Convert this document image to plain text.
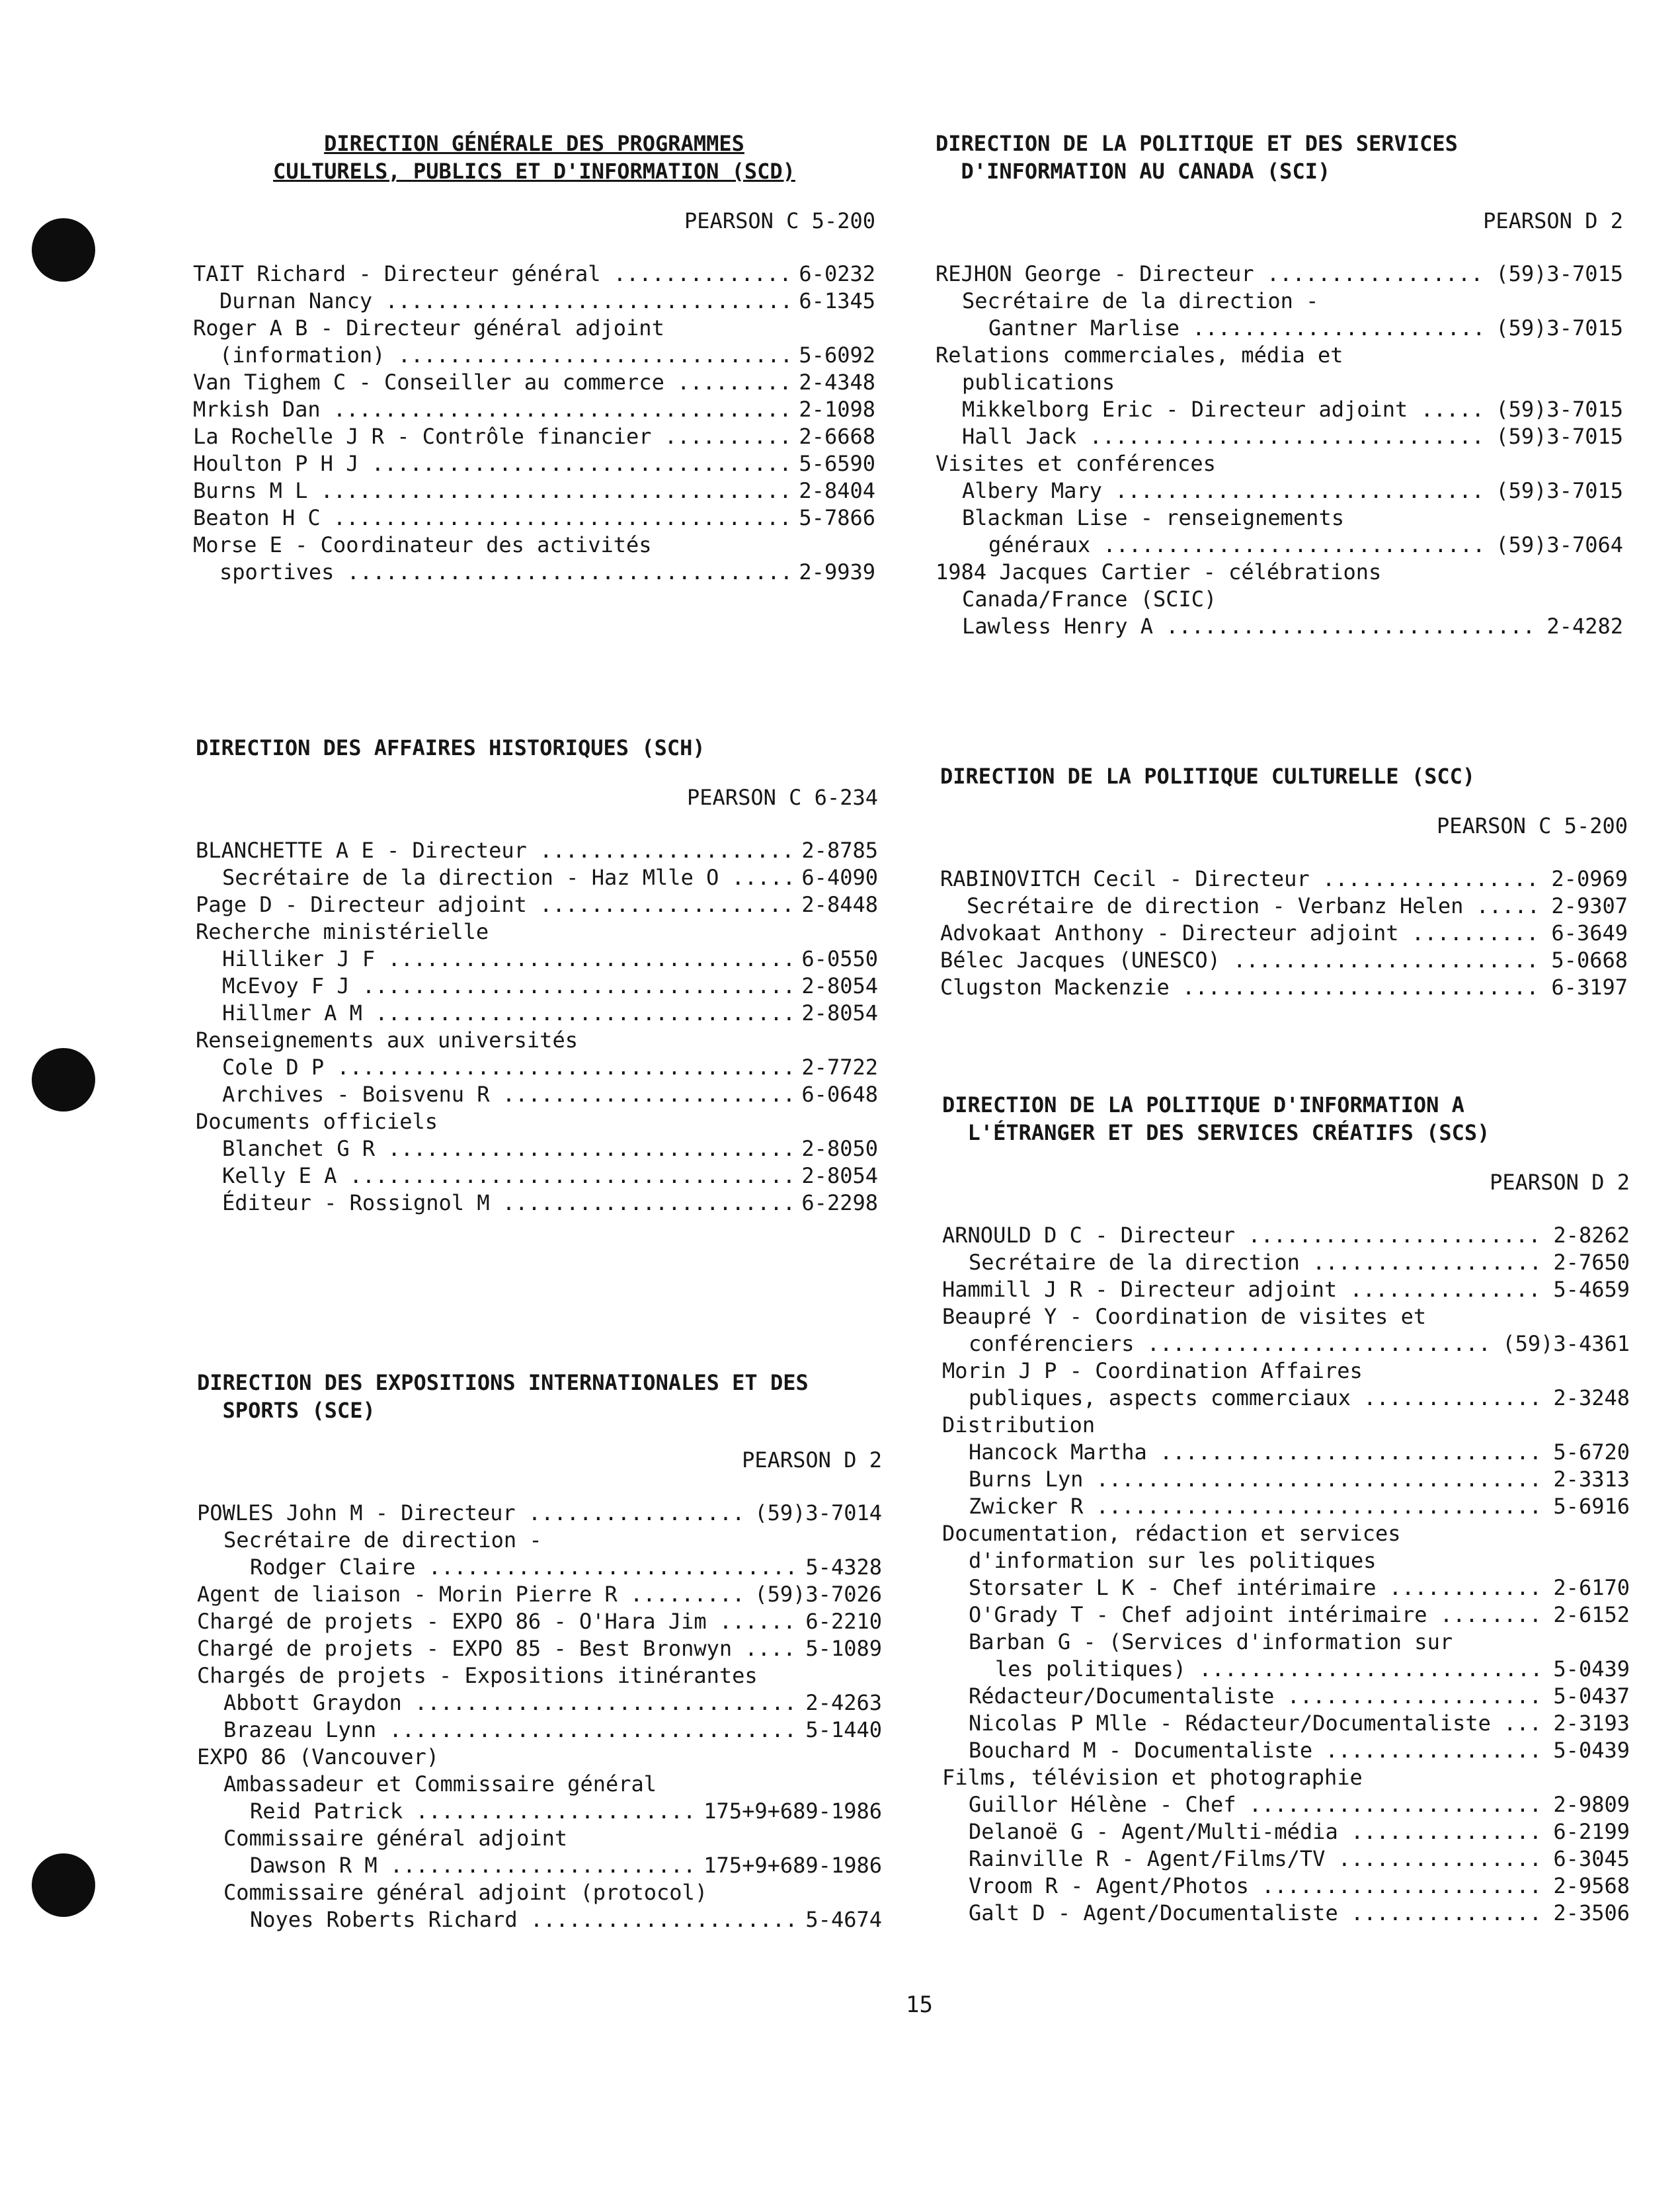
DIRECTION GÉNÉRALE DES PROGRAMMES
CULTURELS, PUBLICS ET D'INFORMATION (SCD)
PEARSON C 5-200
TAIT Richard - Directeur général .....	6-0232
Durnan Nancy .....	6-1345
Roger A B - Directeur général adjoint
(information) .....	5-6092
Van Tighem C - Conseiller au commerce .....	2-4348
Mrkish Dan .....	2-1098
La Rochelle J R - Contrôle financier .....	2-6668
Houlton P H J .....	5-6590
Burns M L .....	2-8404
Beaton H C .....	5-7866
Morse E - Coordinateur des activités
sportives .....	2-9939
DIRECTION DES AFFAIRES HISTORIQUES (SCH)
PEARSON C 6-234
BLANCHETTE A E - Directeur .....	2-8785
Secrétaire de la direction - Haz Mlle O .....	6-4090
Page D - Directeur adjoint .....	2-8448
Recherche ministérielle
Hilliker J F .....	6-0550
McEvoy F J .....	2-8054
Hillmer A M .....	2-8054
Renseignements aux universités
Cole D P .....	2-7722
Archives - Boisvenu R .....	6-0648
Documents officiels
Blanchet G R .....	2-8050
Kelly E A .....	2-8054
Éditeur - Rossignol M .....	6-2298
DIRECTION DES EXPOSITIONS INTERNATIONALES ET DES
SPORTS (SCE)
PEARSON D 2
POWLES John M - Directeur .....	(59)3-7014
Secrétaire de direction -
Rodger Claire .....	5-4328
Agent de liaison - Morin Pierre R .....	(59)3-7026
Chargé de projets - EXPO 86 - O'Hara Jim .....	6-2210
Chargé de projets - EXPO 85 - Best Bronwyn .....	5-1089
Chargés de projets - Expositions itinérantes
Abbott Graydon .....	2-4263
Brazeau Lynn .....	5-1440
EXPO 86 (Vancouver)
Ambassadeur et Commissaire général
Reid Patrick .....	175+9+689-1986
Commissaire général adjoint
Dawson R M .....	175+9+689-1986
Commissaire général adjoint (protocol)
Noyes Roberts Richard .....	5-4674
DIRECTION DE LA POLITIQUE ET DES SERVICES
D'INFORMATION AU CANADA (SCI)
PEARSON D 2
REJHON George - Directeur .....	(59)3-7015
Secrétaire de la direction -
Gantner Marlise .....	(59)3-7015
Relations commerciales, média et
publications
Mikkelborg Eric - Directeur adjoint .....	(59)3-7015
Hall Jack .....	(59)3-7015
Visites et conférences
Albery Mary .....	(59)3-7015
Blackman Lise - renseignements
généraux .....	(59)3-7064
1984 Jacques Cartier - célébrations
Canada/France (SCIC)
Lawless Henry A .....	2-4282
DIRECTION DE LA POLITIQUE CULTURELLE (SCC)
PEARSON C 5-200
RABINOVITCH Cecil - Directeur .....	2-0969
Secrétaire de direction - Verbanz Helen .....	2-9307
Advokaat Anthony - Directeur adjoint .....	6-3649
Bélec Jacques (UNESCO) .....	5-0668
Clugston Mackenzie .....	6-3197
DIRECTION DE LA POLITIQUE D'INFORMATION A
L'ÉTRANGER ET DES SERVICES CRÉATIFS (SCS)
PEARSON D 2
ARNOULD D C - Directeur .....	2-8262
Secrétaire de la direction .....	2-7650
Hammill J R - Directeur adjoint .....	5-4659
Beaupré Y - Coordination de visites et
conférenciers .....	(59)3-4361
Morin J P - Coordination Affaires
publiques, aspects commerciaux .....	2-3248
Distribution
Hancock Martha .....	5-6720
Burns Lyn .....	2-3313
Zwicker R .....	5-6916
Documentation, rédaction et services
d'information sur les politiques
Storsater L K - Chef intérimaire .....	2-6170
O'Grady T - Chef adjoint intérimaire .....	2-6152
Barban G - (Services d'information sur
les politiques) .....	5-0439
Rédacteur/Documentaliste .....	5-0437
Nicolas P Mlle - Rédacteur/Documentaliste .....	2-3193
Bouchard M - Documentaliste .....	5-0439
Films, télévision et photographie
Guillor Hélène - Chef .....	2-9809
Delanoë G - Agent/Multi-média .....	6-2199
Rainville R - Agent/Films/TV .....	6-3045
Vroom R - Agent/Photos .....	2-9568
Galt D - Agent/Documentaliste .....	2-3506
15
